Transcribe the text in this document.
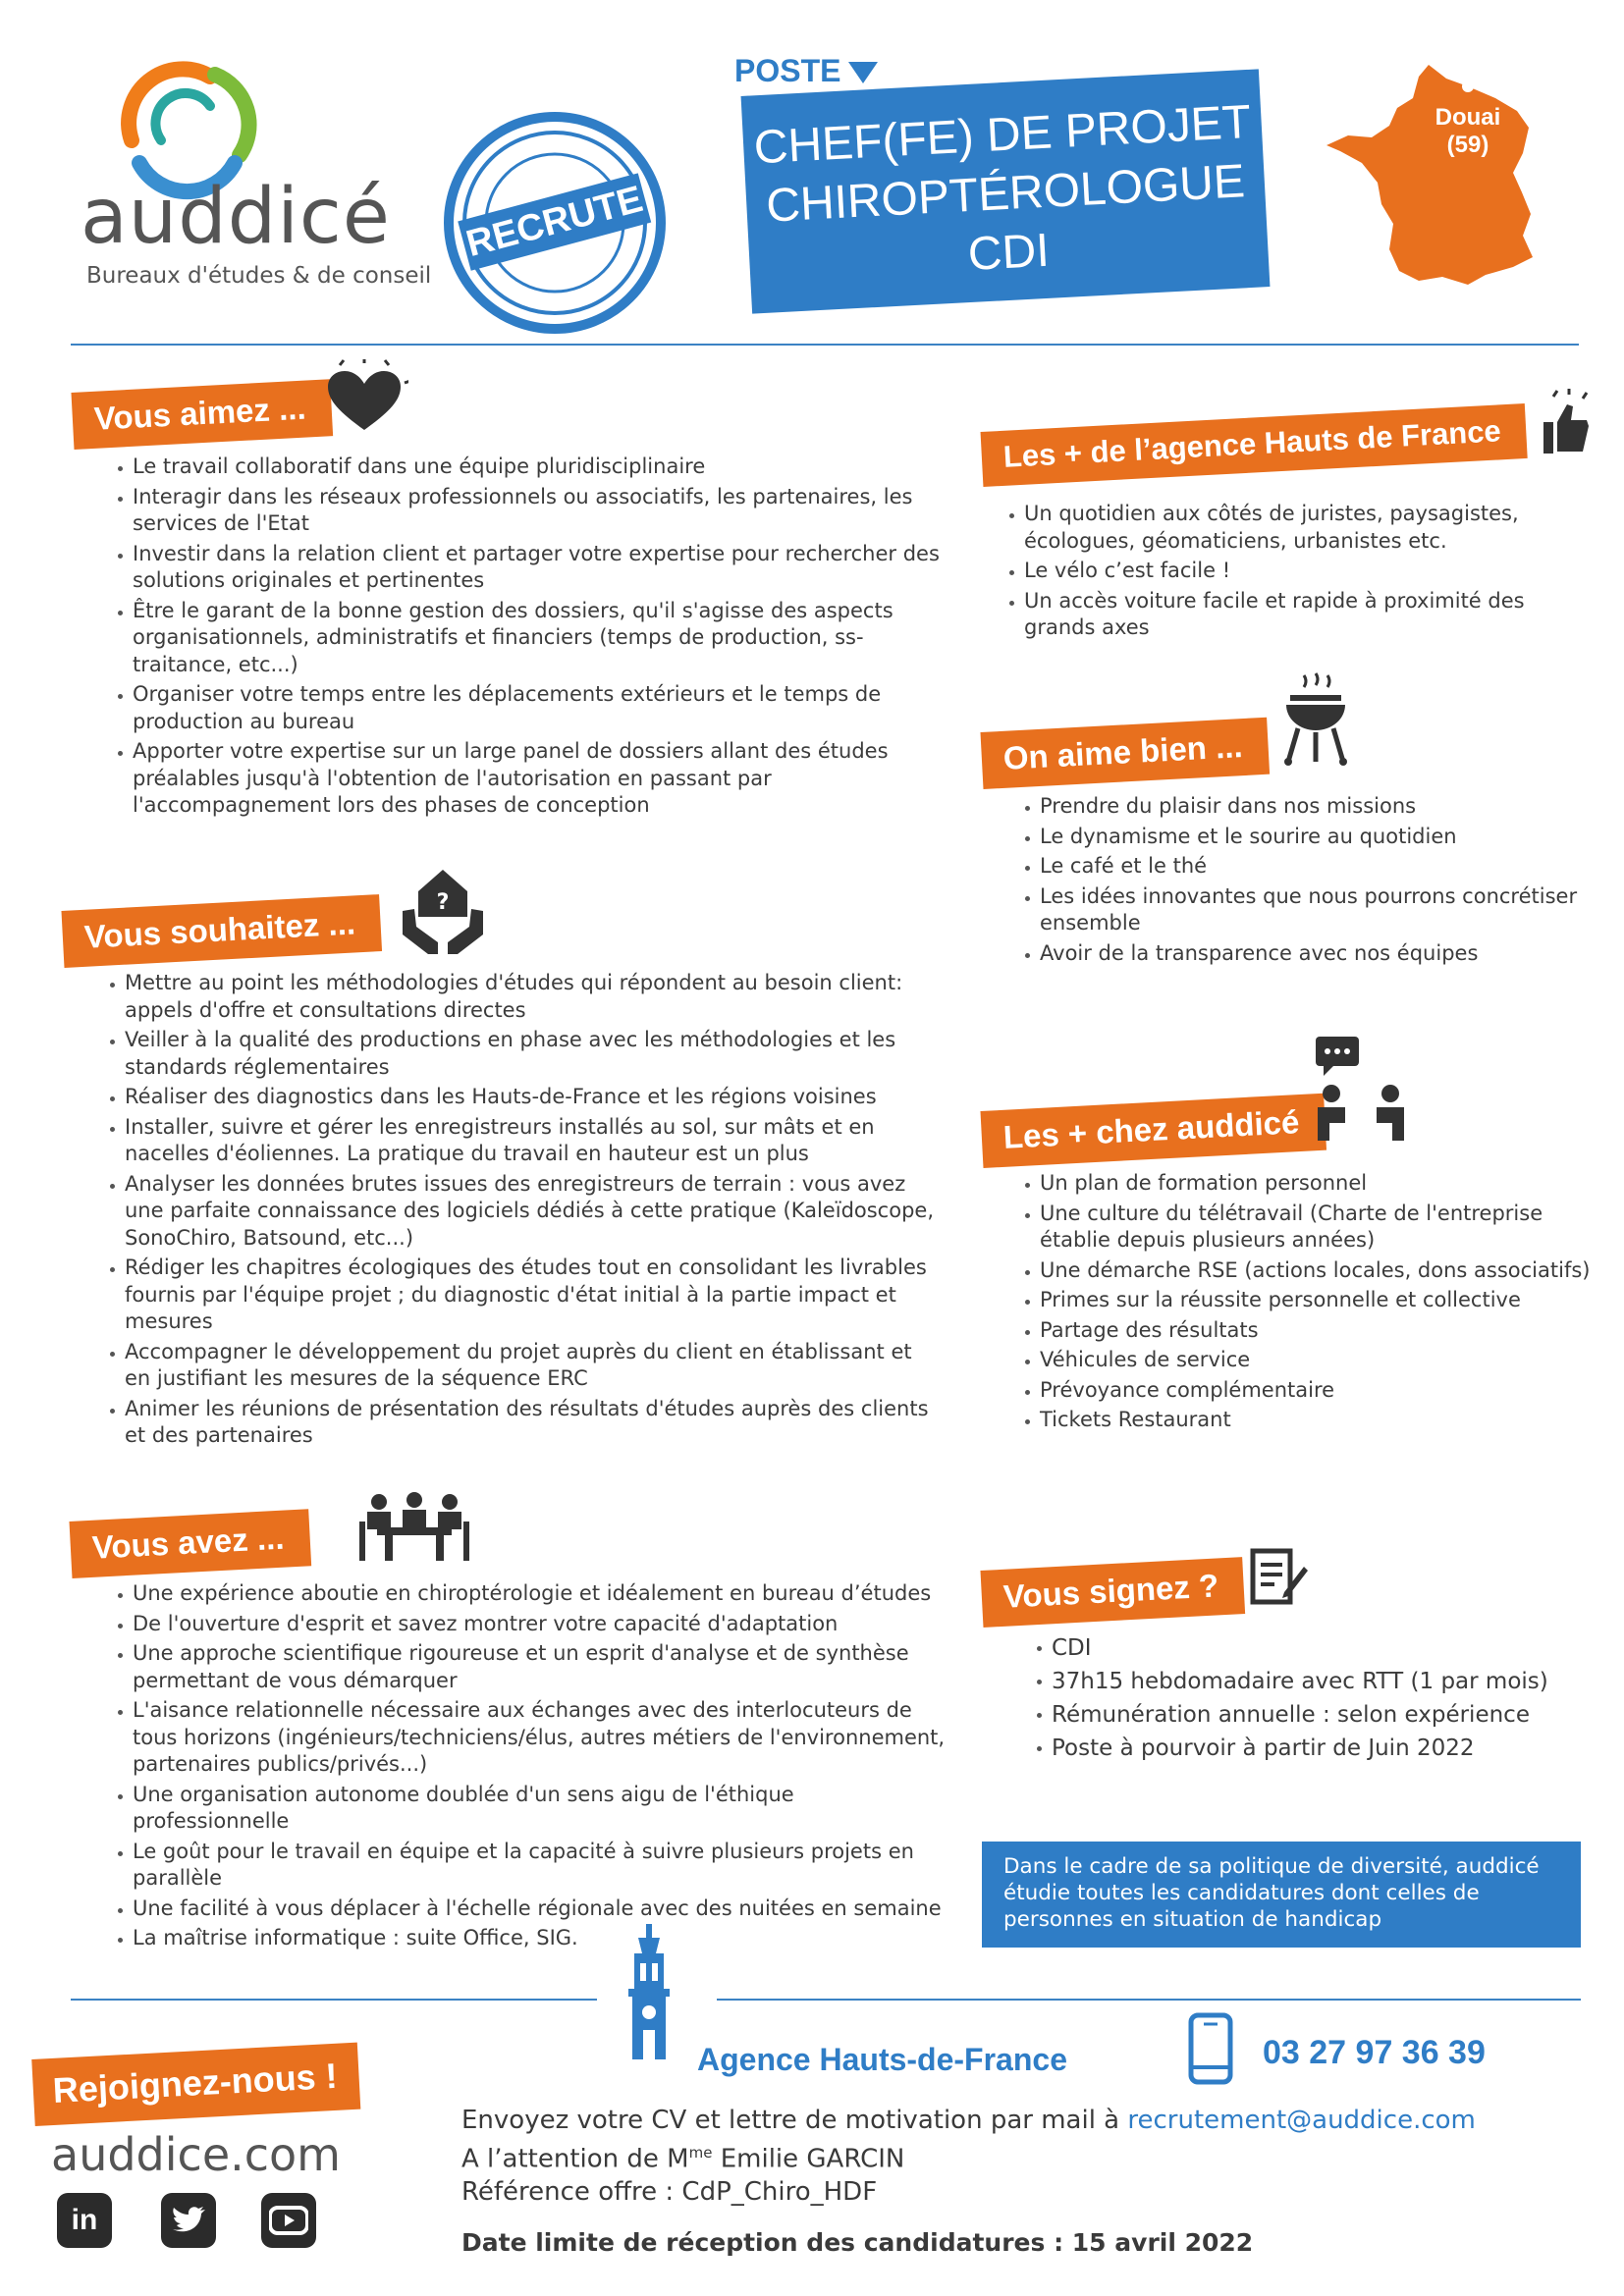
auddicé
Bureaux d'études & de conseil
RECRUTE
POSTE
CHEF(FE) DE PROJET
CHIROPTÉROLOGUE
CDI
Douai
(59)
Vous aimez ...
Le travail collaboratif dans une équipe pluridisciplinaire
Interagir dans les réseaux professionnels ou associatifs, les partenaires, les services de l'Etat
Investir dans la relation client et partager votre expertise pour rechercher des solutions originales et pertinentes
Être le garant de la bonne gestion des dossiers, qu'il s'agisse des aspects organisationnels, administratifs et financiers (temps de production, ss-traitance, etc...)
Organiser votre temps entre les déplacements extérieurs et le temps de production au bureau
Apporter votre expertise sur un large panel de dossiers allant des études préalables jusqu'à l'obtention de l'autorisation en passant par l'accompagnement lors des phases de conception
Vous souhaitez ...
?
Mettre au point les méthodologies d'études qui répondent au besoin client: appels d'offre et consultations directes
Veiller à la qualité des productions en phase avec les méthodologies et les standards réglementaires
Réaliser des diagnostics dans les Hauts-de-France et les régions voisines
Installer, suivre et gérer les enregistreurs installés au sol, sur mâts et en nacelles d'éoliennes. La pratique du travail en hauteur est un plus
Analyser les données brutes issues des enregistreurs de terrain : vous avez une parfaite connaissance des logiciels dédiés à cette pratique (Kaleïdoscope, SonoChiro, Batsound, etc...)
Rédiger les chapitres écologiques des études tout en consolidant les livrables fournis par l'équipe projet ; du diagnostic d'état initial à la partie impact et mesures
Accompagner le développement du projet auprès du client en établissant et en justifiant les mesures de la séquence ERC
Animer les réunions de présentation des résultats d'études auprès des clients et des partenaires
Vous avez ...
Une expérience aboutie en chiroptérologie et idéalement en bureau d’études
De l'ouverture d'esprit et savez montrer votre capacité d'adaptation
Une approche scientifique rigoureuse et un esprit d'analyse et de synthèse permettant de vous démarquer
L'aisance relationnelle nécessaire aux échanges avec des interlocuteurs de tous horizons (ingénieurs/techniciens/élus, autres métiers de l'environnement, partenaires publics/privés...)
Une organisation autonome doublée d'un sens aigu de l'éthique professionnelle
Le goût pour le travail en équipe et la capacité à suivre plusieurs projets en parallèle
Une facilité à vous déplacer à l'échelle régionale avec des nuitées en semaine
La maîtrise informatique : suite Office, SIG.
Les + de l’agence Hauts de France
Un quotidien aux côtés de juristes, paysagistes, écologues, géomaticiens, urbanistes etc.
Le vélo c’est facile !
Un accès voiture facile et rapide à proximité des grands axes
On aime bien ...
Prendre du plaisir dans nos missions
Le dynamisme et le sourire au quotidien
Le café et le thé
Les idées innovantes que nous pourrons concrétiser ensemble
Avoir de la transparence avec nos équipes
Les + chez auddicé
Un plan de formation personnel
Une culture du télétravail (Charte de l'entreprise établie depuis plusieurs années)
Une démarche RSE (actions locales, dons associatifs)
Primes sur la réussite personnelle et collective
Partage des résultats
Véhicules de service
Prévoyance complémentaire
Tickets Restaurant
Vous signez ?
CDI
37h15 hebdomadaire avec RTT (1 par mois)
Rémunération annuelle : selon expérience
Poste à pourvoir à partir de Juin 2022
Dans le cadre de sa politique de diversité, auddicé étudie toutes les candidatures dont celles de personnes en situation de handicap
Agence Hauts-de-France	03 27 97 36 39
Rejoignez-nous !
auddice.com
in
Envoyez votre CV et lettre de motivation par mail à recrutement@auddice.com
A l’attention de $M^{me}$ Emilie GARCIN
Référence offre : CdP_Chiro_HDF
Date limite de réception des candidatures : 15 avril 2022
